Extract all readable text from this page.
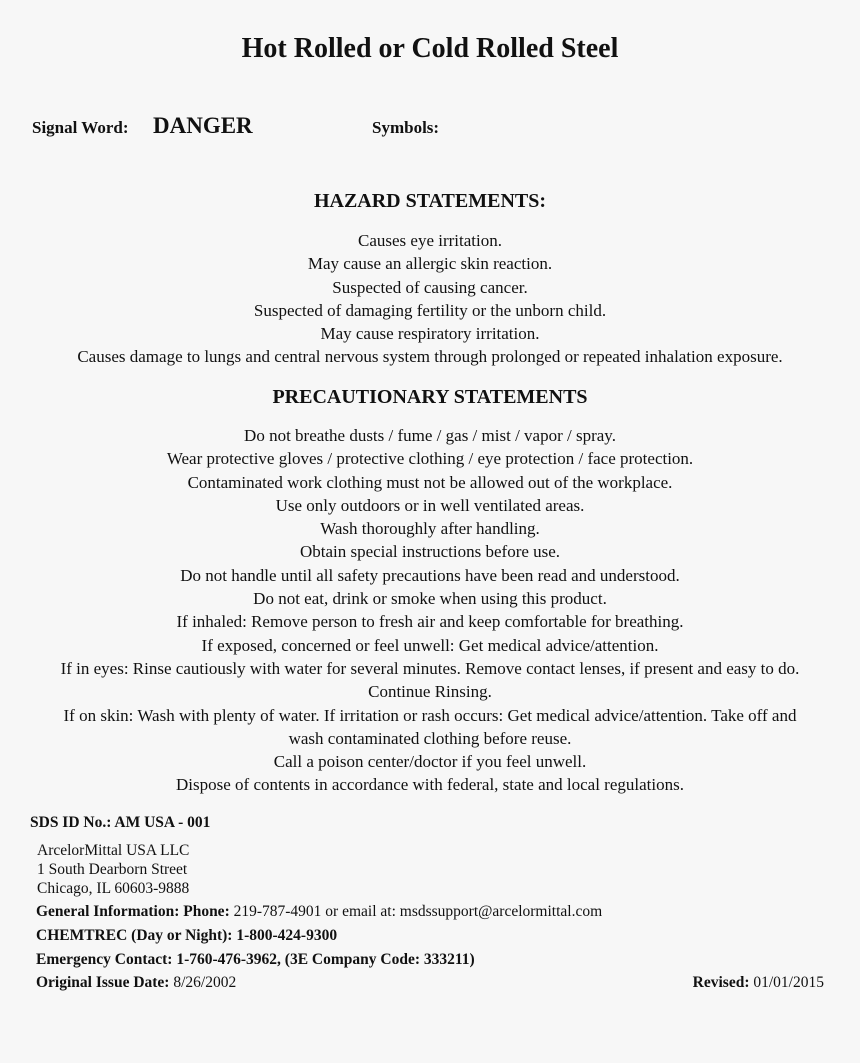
Hot Rolled or Cold Rolled Steel
Signal Word: DANGER	Symbols:
HAZARD STATEMENTS:
Causes eye irritation.
May cause an allergic skin reaction.
Suspected of causing cancer.
Suspected of damaging fertility or the unborn child.
May cause respiratory irritation.
Causes damage to lungs and central nervous system through prolonged or repeated inhalation exposure.
PRECAUTIONARY STATEMENTS
Do not breathe dusts / fume / gas / mist / vapor / spray.
Wear protective gloves / protective clothing / eye protection / face protection.
Contaminated work clothing must not be allowed out of the workplace.
Use only outdoors or in well ventilated areas.
Wash thoroughly after handling.
Obtain special instructions before use.
Do not handle until all safety precautions have been read and understood.
Do not eat, drink or smoke when using this product.
If inhaled: Remove person to fresh air and keep comfortable for breathing.
If exposed, concerned or feel unwell: Get medical advice/attention.
If in eyes: Rinse cautiously with water for several minutes. Remove contact lenses, if present and easy to do.
Continue Rinsing.
If on skin: Wash with plenty of water. If irritation or rash occurs: Get medical advice/attention. Take off and
wash contaminated clothing before reuse.
Call a poison center/doctor if you feel unwell.
Dispose of contents in accordance with federal, state and local regulations.
SDS ID No.: AM USA - 001
ArcelorMittal USA LLC
1 South Dearborn Street
Chicago, IL 60603-9888
General Information: Phone: 219-787-4901 or email at: msdssupport@arcelormittal.com
CHEMTREC (Day or Night): 1-800-424-9300
Emergency Contact: 1-760-476-3962, (3E Company Code: 333211)
Original Issue Date: 8/26/2002	Revised: 01/01/2015
